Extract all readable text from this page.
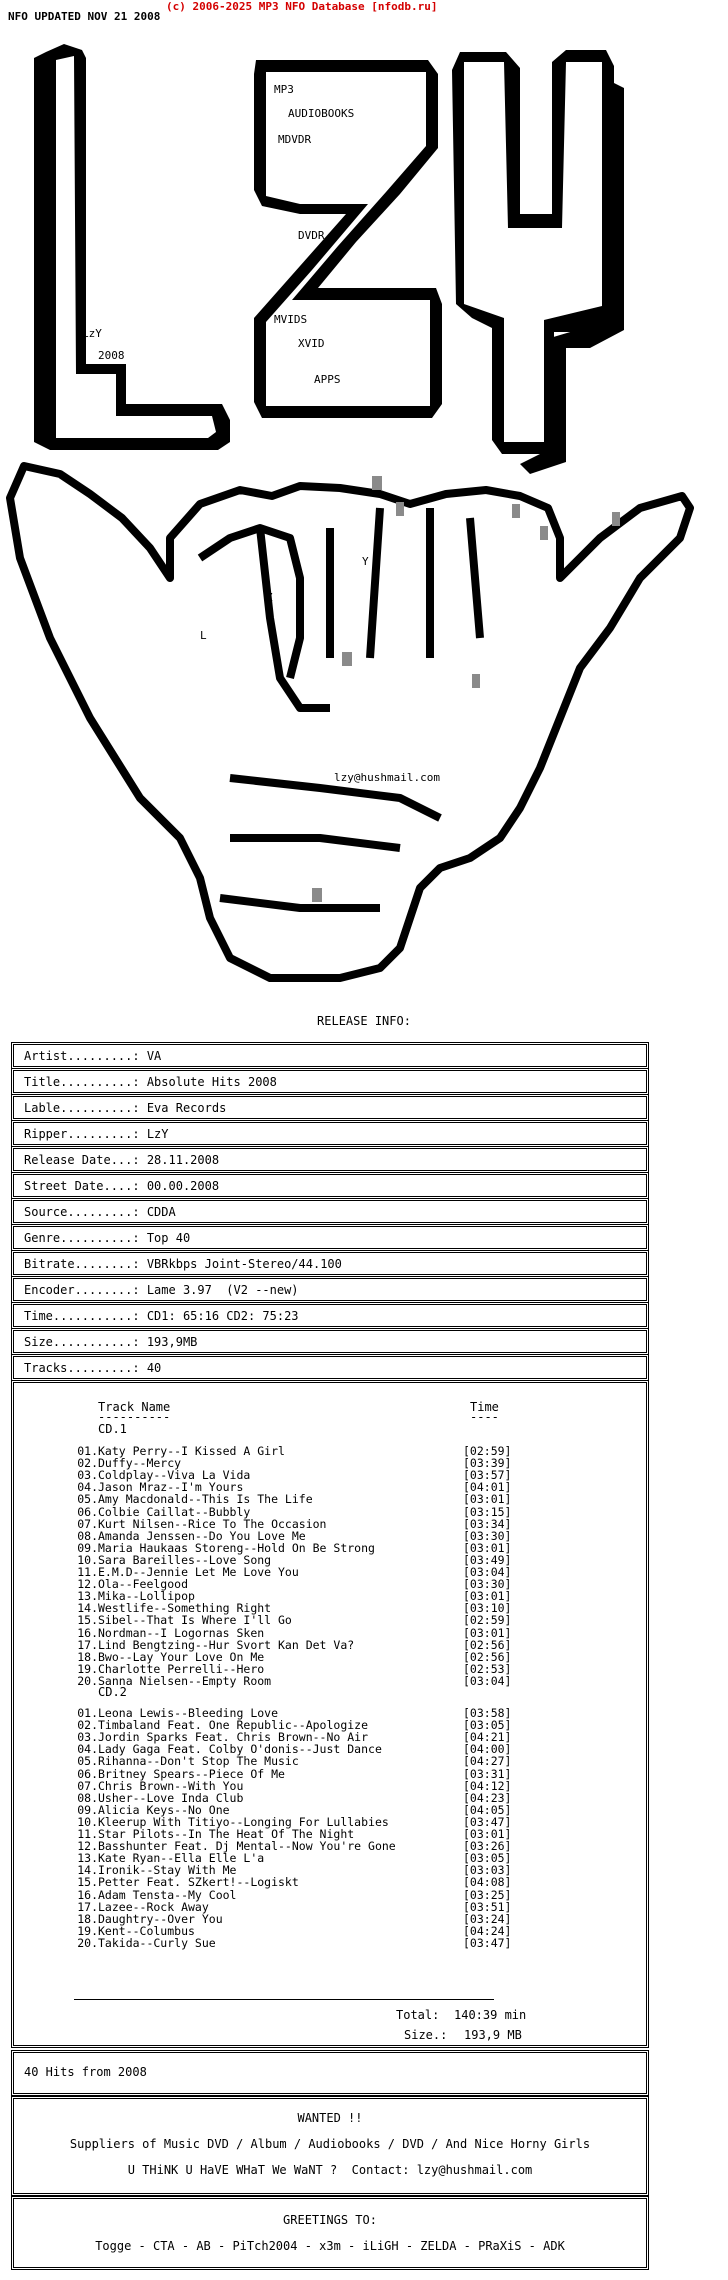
NFO UPDATED NOV 21 2008
(c) 2006-2025 MP3 NFO Database [nfodb.ru]
MP3
AUDIOBOOKS
MDVDR
DVDR
LzY
2008
MVIDS
XVID
APPS
L
Z
Y
lzy@hushmail.com
RELEASE INFO:
Artist.........: VA
Title..........: Absolute Hits 2008
Lable..........: Eva Records
Ripper.........: LzY
Release Date...: 28.11.2008
Street Date....: 00.00.2008
Source.........: CDDA
Genre..........: Top 40
Bitrate........: VBRkbps Joint-Stereo/44.100
Encoder........: Lame 3.97  (V2 --new)
Time...........: CD1: 65:16 CD2: 75:23
Size...........: 193,9MB
Tracks.........: 40
Track Name
----------
Time
----
CD.1
01. Katy Perry--I Kissed A Girl	[02:59]
02. Duffy--Mercy	[03:39]
03. Coldplay--Viva La Vida	[03:57]
04. Jason Mraz--I'm Yours	[04:01]
05. Amy Macdonald--This Is The Life	[03:01]
06. Colbie Caillat--Bubbly	[03:15]
07. Kurt Nilsen--Rice To The Occasion	[03:34]
08. Amanda Jenssen--Do You Love Me	[03:30]
09. Maria Haukaas Storeng--Hold On Be Strong	[03:01]
10. Sara Bareilles--Love Song	[03:49]
11. E.M.D--Jennie Let Me Love You	[03:04]
12. Ola--Feelgood	[03:30]
13. Mika--Lollipop	[03:01]
14. Westlife--Something Right	[03:10]
15. Sibel--That Is Where I'll Go	[02:59]
16. Nordman--I Logornas Sken	[03:01]
17. Lind Bengtzing--Hur Svort Kan Det Va?	[02:56]
18. Bwo--Lay Your Love On Me	[02:56]
19. Charlotte Perrelli--Hero	[02:53]
20. Sanna Nielsen--Empty Room	[03:04]
CD.2
01. Leona Lewis--Bleeding Love	[03:58]
02. Timbaland Feat. One Republic--Apologize	[03:05]
03. Jordin Sparks Feat. Chris Brown--No Air	[04:21]
04. Lady Gaga Feat. Colby O'donis--Just Dance	[04:00]
05. Rihanna--Don't Stop The Music	[04:27]
06. Britney Spears--Piece Of Me	[03:31]
07. Chris Brown--With You	[04:12]
08. Usher--Love Inda Club	[04:23]
09. Alicia Keys--No One	[04:05]
10. Kleerup With Titiyo--Longing For Lullabies	[03:47]
11. Star Pilots--In The Heat Of The Night	[03:01]
12. Basshunter Feat. Dj Mental--Now You're Gone	[03:26]
13. Kate Ryan--Ella Elle L'a	[03:05]
14. Ironik--Stay With Me	[03:03]
15. Petter Feat. SZkert!--Logiskt	[04:08]
16. Adam Tensta--My Cool	[03:25]
17. Lazee--Rock Away	[03:51]
18. Daughtry--Over You	[03:24]
19. Kent--Columbus	[04:24]
20. Takida--Curly Sue	[03:47]
Total: 140:39 min
Size.: 193,9 MB
40 Hits from 2008
WANTED !!
Suppliers of Music DVD / Album / Audiobooks / DVD / And Nice Horny Girls
U THiNK U HaVE WHaT We WaNT ?  Contact: lzy@hushmail.com
GREETINGS TO:
Togge - CTA - AB - PiTch2004 - x3m - iLiGH - ZELDA - PRaXiS - ADK
